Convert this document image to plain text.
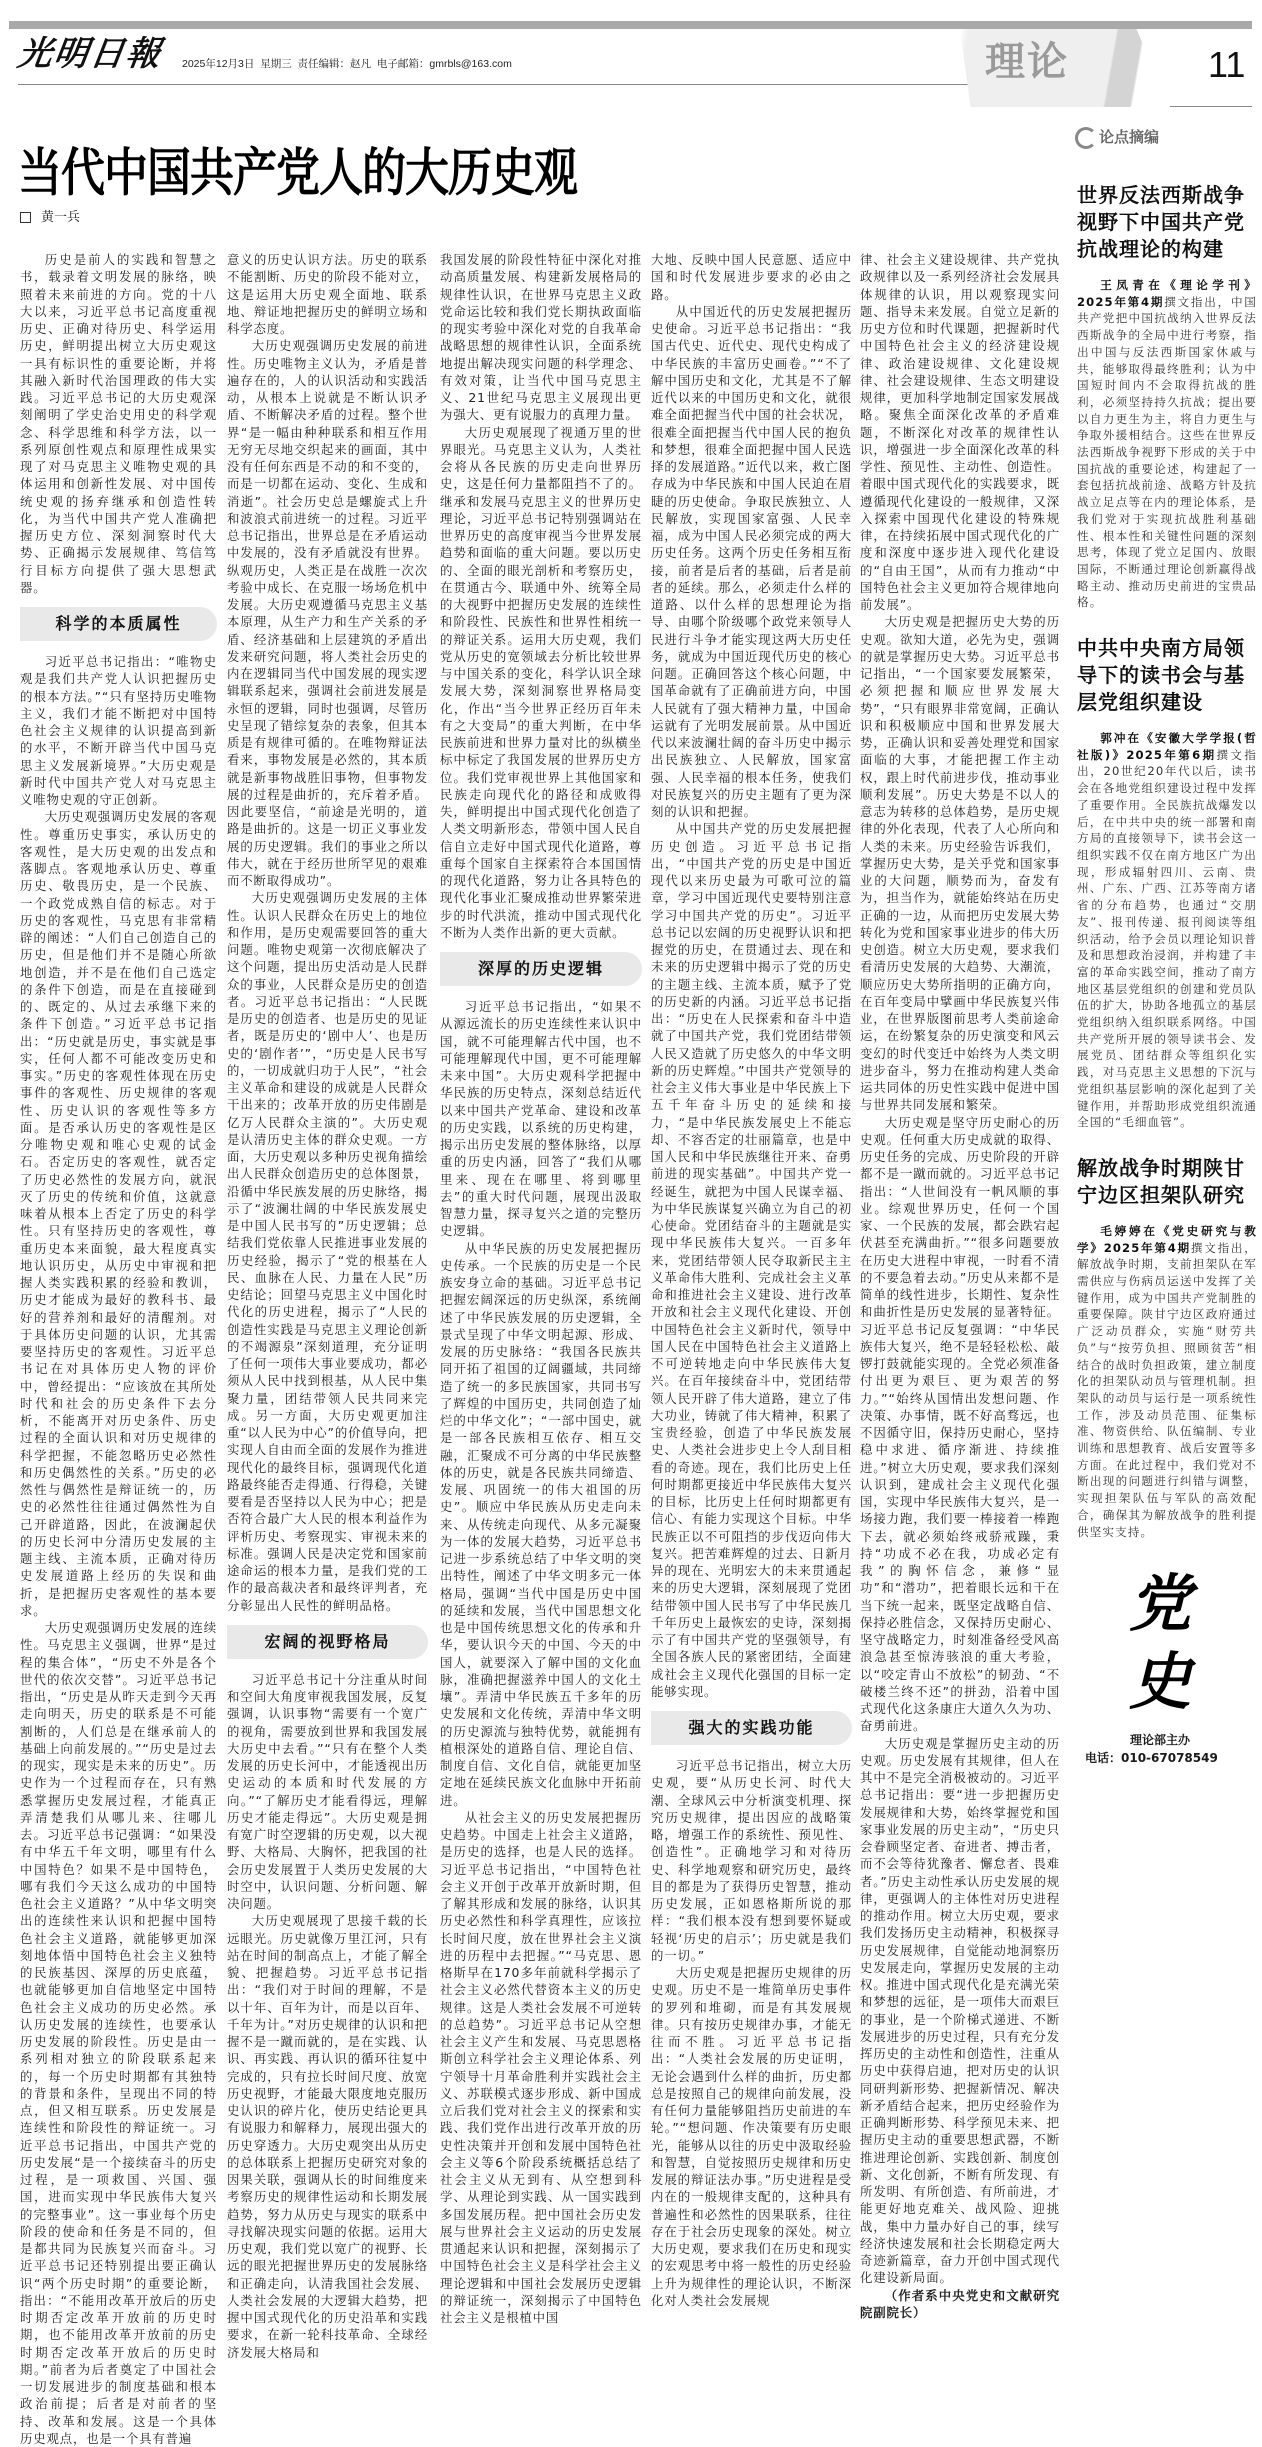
光明日報 2025年12月3日  星期三  责任编辑：赵凡  电子邮箱：gmrbls@163.com	理论	11
当代中国共产党人的大历史观
黄一兵

历史是前人的实践和智慧之书，载录着文明发展的脉络，映照着未来前进的方向。党的十八大以来，习近平总书记高度重视历史、正确对待历史、科学运用历史，鲜明提出树立大历史观这一具有标识性的重要论断，并将其融入新时代治国理政的伟大实践。习近平总书记的大历史观深刻阐明了学史治史用史的科学观念、科学思维和科学方法，以一系列原创性观点和原理性成果实现了对马克思主义唯物史观的具体运用和创新性发展、对中国传统史观的扬弃继承和创造性转化，为当代中国共产党人准确把握历史方位、深刻洞察时代大势、正确揭示发展规律、笃信笃行目标方向提供了强大思想武器。

科学的本质属性

习近平总书记指出：“唯物史观是我们共产党人认识把握历史的根本方法。”“只有坚持历史唯物主义，我们才能不断把对中国特色社会主义规律的认识提高到新的水平，不断开辟当代中国马克思主义发展新境界。”大历史观是新时代中国共产党人对马克思主义唯物史观的守正创新。

大历史观强调历史发展的客观性。尊重历史事实，承认历史的客观性，是大历史观的出发点和落脚点。客观地承认历史、尊重历史、敬畏历史，是一个民族、一个政党成熟自信的标志。对于历史的客观性，马克思有非常精辟的阐述：“人们自己创造自己的历史，但是他们并不是随心所欲地创造，并不是在他们自己选定的条件下创造，而是在直接碰到的、既定的、从过去承继下来的条件下创造。”习近平总书记指出：“历史就是历史，事实就是事实，任何人都不可能改变历史和事实。”历史的客观性体现在历史事件的客观性、历史规律的客观性、历史认识的客观性等多方面。是否承认历史的客观性是区分唯物史观和唯心史观的试金石。否定历史的客观性，就否定了历史必然性的发展方向，就泯灭了历史的传统和价值，这就意味着从根本上否定了历史的科学性。只有坚持历史的客观性，尊重历史本来面貌，最大程度真实地认识历史，从历史中审视和把握人类实践积累的经验和教训，历史才能成为最好的教科书、最好的营养剂和最好的清醒剂。对于具体历史问题的认识，尤其需要坚持历史的客观性。习近平总书记在对具体历史人物的评价中，曾经提出：“应该放在其所处时代和社会的历史条件下去分析，不能离开对历史条件、历史过程的全面认识和对历史规律的科学把握，不能忽略历史必然性和历史偶然性的关系。”历史的必然性与偶然性是辩证统一的，历史的必然性往往通过偶然性为自己开辟道路，因此，在波澜起伏的历史长河中分清历史发展的主题主线、主流本质，正确对待历史发展道路上经历的失误和曲折，是把握历史客观性的基本要求。

大历史观强调历史发展的连续性。马克思主义强调，世界“是过程的集合体”，“历史不外是各个世代的依次交替”。习近平总书记指出，“历史是从昨天走到今天再走向明天，历史的联系是不可能割断的，人们总是在继承前人的基础上向前发展的。”“历史是过去的现实，现实是未来的历史”。历史作为一个过程而存在，只有熟悉掌握历史发展过程，才能真正弄清楚我们从哪儿来、往哪儿去。习近平总书记强调：“如果没有中华五千年文明，哪里有什么中国特色？如果不是中国特色，哪有我们今天这么成功的中国特色社会主义道路？”从中华文明突出的连续性来认识和把握中国特色社会主义道路，就能够更加深刻地体悟中国特色社会主义独特的民族基因、深厚的历史底蕴，也就能够更加自信地坚定中国特色社会主义成功的历史必然。承认历史发展的连续性，也要承认历史发展的阶段性。历史是由一系列相对独立的阶段联系起来的，每一个历史时期都有其独特的背景和条件，呈现出不同的特点，但又相互联系。历史发展是连续性和阶段性的辩证统一。习近平总书记指出，中国共产党的历史发展“是一个接续奋斗的历史过程，是一项救国、兴国、强国，进而实现中华民族伟大复兴的完整事业”。这一事业每个历史阶段的使命和任务是不同的，但是都共同为民族复兴而奋斗。习近平总书记还特别提出要正确认识“两个历史时期”的重要论断，指出：“不能用改革开放后的历史时期否定改革开放前的历史时期，也不能用改革开放前的历史时期否定改革开放后的历史时期。”前者为后者奠定了中国社会一切发展进步的制度基础和根本政治前提；后者是对前者的坚持、改革和发展。这是一个具体历史观点，也是一个具有普遍

意义的历史认识方法。历史的联系不能割断、历史的阶段不能对立，这是运用大历史观全面地、联系地、辩证地把握历史的鲜明立场和科学态度。

大历史观强调历史发展的前进性。历史唯物主义认为，矛盾是普遍存在的，人的认识活动和实践活动，从根本上说就是不断认识矛盾、不断解决矛盾的过程。整个世界“是一幅由种种联系和相互作用无穷无尽地交织起来的画面，其中没有任何东西是不动的和不变的，而是一切都在运动、变化、生成和消逝”。社会历史总是螺旋式上升和波浪式前进统一的过程。习近平总书记指出，世界总是在矛盾运动中发展的，没有矛盾就没有世界。纵观历史，人类正是在战胜一次次考验中成长、在克服一场场危机中发展。大历史观遵循马克思主义基本原理，从生产力和生产关系的矛盾、经济基础和上层建筑的矛盾出发来研究问题，将人类社会历史的内在逻辑同当代中国发展的现实逻辑联系起来，强调社会前进发展是永恒的逻辑，同时也强调，尽管历史呈现了错综复杂的表象，但其本质是有规律可循的。在唯物辩证法看来，事物发展是必然的，其本质就是新事物战胜旧事物，但事物发展的过程是曲折的，充斥着矛盾。因此要坚信，“前途是光明的，道路是曲折的。这是一切正义事业发展的历史逻辑。我们的事业之所以伟大，就在于经历世所罕见的艰难而不断取得成功”。

大历史观强调历史发展的主体性。认识人民群众在历史上的地位和作用，是历史观需要回答的重大问题。唯物史观第一次彻底解决了这个问题，提出历史活动是人民群众的事业，人民群众是历史的创造者。习近平总书记指出：“人民既是历史的创造者、也是历史的见证者，既是历史的‘剧中人’、也是历史的‘剧作者’”，“历史是人民书写的，一切成就归功于人民”，“社会主义革命和建设的成就是人民群众干出来的；改革开放的历史伟剧是亿万人民群众主演的”。大历史观是认清历史主体的群众史观。一方面，大历史观以多种历史视角描绘出人民群众创造历史的总体图景，沿循中华民族发展的历史脉络，揭示了“波澜壮阔的中华民族发展史是中国人民书写的”历史逻辑；总结我们党依靠人民推进事业发展的历史经验，揭示了“党的根基在人民、血脉在人民、力量在人民”历史结论；回望马克思主义中国化时代化的历史进程，揭示了“人民的创造性实践是马克思主义理论创新的不竭源泉”深刻道理，充分证明了任何一项伟大事业要成功，都必须从人民中找到根基，从人民中集聚力量，团结带领人民共同来完成。另一方面，大历史观更加注重“以人民为中心”的价值导向，把实现人自由而全面的发展作为推进现代化的最终目标，强调现代化道路最终能否走得通、行得稳，关键要看是否坚持以人民为中心；把是否符合最广大人民的根本利益作为评析历史、考察现实、审视未来的标准。强调人民是决定党和国家前途命运的根本力量，是我们党的工作的最高裁决者和最终评判者，充分彰显出人民性的鲜明品格。

宏阔的视野格局

习近平总书记十分注重从时间和空间大角度审视我国发展，反复强调，认识事物“需要有一个宽广的视角，需要放到世界和我国发展大历史中去看。”“只有在整个人类发展的历史长河中，才能透视出历史运动的本质和时代发展的方向。”“了解历史才能看得远，理解历史才能走得远”。大历史观是拥有宽广时空逻辑的历史观，以大视野、大格局、大胸怀，把我国的社会历史发展置于人类历史发展的大时空中，认识问题、分析问题、解决问题。

大历史观展现了思接千载的长远眼光。历史就像万里江河，只有站在时间的制高点上，才能了解全貌、把握趋势。习近平总书记指出：“我们对于时间的理解，不是以十年、百年为计，而是以百年、千年为计。”对历史规律的认识和把握不是一蹴而就的，是在实践、认识、再实践、再认识的循环往复中完成的，只有拉长时间尺度、放宽历史视野，才能最大限度地克服历史认识的碎片化，使历史结论更具有说服力和解释力，展现出强大的历史穿透力。大历史观突出从历史的总体联系上把握历史研究对象的因果关联，强调从长的时间维度来考察历史的规律性运动和长期发展趋势，努力从历史与现实的联系中寻找解决现实问题的依据。运用大历史观，我们党以宽广的视野、长远的眼光把握世界历史的发展脉络和正确走向，认清我国社会发展、人类社会发展的大逻辑大趋势，把握中国式现代化的历史沿革和实践要求，在新一轮科技革命、全球经济发展大格局和

我国发展的阶段性特征中深化对推动高质量发展、构建新发展格局的规律性认识，在世界马克思主义政党命运比较和我们党长期执政面临的现实考验中深化对党的自我革命战略思想的规律性认识，全面系统地提出解决现实问题的科学理念、有效对策，让当代中国马克思主义、21世纪马克思主义展现出更为强大、更有说服力的真理力量。

大历史观展现了视通万里的世界眼光。马克思主义认为，人类社会将从各民族的历史走向世界历史，这是任何力量都阻挡不了的。继承和发展马克思主义的世界历史理论，习近平总书记特别强调站在世界历史的高度审视当今世界发展趋势和面临的重大问题。要以历史的、全面的眼光剖析和考察历史，在贯通古今、联通中外、统筹全局的大视野中把握历史发展的连续性和阶段性、民族性和世界性相统一的辩证关系。运用大历史观，我们党从历史的宽领域去分析比较世界与中国关系的变化，科学认识全球发展大势，深刻洞察世界格局变化，作出“当今世界正经历百年未有之大变局”的重大判断，在中华民族前进和世界力量对比的纵横坐标中标定了我国发展的世界历史方位。我们党审视世界上其他国家和民族走向现代化的路径和成败得失，鲜明提出中国式现代化创造了人类文明新形态，带领中国人民自信自立走好中国式现代化道路，尊重每个国家自主探索符合本国国情的现代化道路，努力让各具特色的现代化事业汇聚成推动世界繁荣进步的时代洪流，推动中国式现代化不断为人类作出新的更大贡献。

深厚的历史逻辑

习近平总书记指出，“如果不从源远流长的历史连续性来认识中国，就不可能理解古代中国，也不可能理解现代中国，更不可能理解未来中国”。大历史观科学把握中华民族的历史特点，深刻总结近代以来中国共产党革命、建设和改革的历史实践，以系统的历史构建，揭示出历史发展的整体脉络，以厚重的历史内涵，回答了“我们从哪里来、现在在哪里、将到哪里去”的重大时代问题，展现出汲取智慧力量，探寻复兴之道的完整历史逻辑。

从中华民族的历史发展把握历史传承。一个民族的历史是一个民族安身立命的基础。习近平总书记把握宏阔深远的历史纵深，系统阐述了中华民族发展的历史逻辑，全景式呈现了中华文明起源、形成、发展的历史脉络：“我国各民族共同开拓了祖国的辽阔疆域，共同缔造了统一的多民族国家，共同书写了辉煌的中国历史，共同创造了灿烂的中华文化”；“一部中国史，就是一部各民族相互依存、相互交融，汇聚成不可分离的中华民族整体的历史，就是各民族共同缔造、发展、巩固统一的伟大祖国的历史”。顺应中华民族从历史走向未来、从传统走向现代、从多元凝聚为一体的发展大趋势，习近平总书记进一步系统总结了中华文明的突出特性，阐述了中华文明多元一体格局，强调“当代中国是历史中国的延续和发展，当代中国思想文化也是中国传统思想文化的传承和升华，要认识今天的中国、今天的中国人，就要深入了解中国的文化血脉，准确把握滋养中国人的文化土壤”。弄清中华民族五千多年的历史发展和文化传统，弄清中华文明的历史源流与独特优势，就能拥有植根深处的道路自信、理论自信、制度自信、文化自信，就能更加坚定地在延续民族文化血脉中开拓前进。

从社会主义的历史发展把握历史趋势。中国走上社会主义道路，是历史的选择，也是人民的选择。习近平总书记指出，“中国特色社会主义开创于改革开放新时期，但了解其形成和发展的脉络，认识其历史必然性和科学真理性，应该拉长时间尺度，放在世界社会主义演进的历程中去把握。”“马克思、恩格斯早在170多年前就科学揭示了社会主义必然代替资本主义的历史规律。这是人类社会发展不可逆转的总趋势”。习近平总书记从空想社会主义产生和发展、马克思恩格斯创立科学社会主义理论体系、列宁领导十月革命胜利并实践社会主义、苏联模式逐步形成、新中国成立后我们党对社会主义的探索和实践、我们党作出进行改革开放的历史性决策并开创和发展中国特色社会主义等6个阶段系统概括总结了社会主义从无到有、从空想到科学、从理论到实践、从一国实践到多国发展历程。把中国社会历史发展与世界社会主义运动的历史发展贯通起来认识和把握，深刻揭示了中国特色社会主义是科学社会主义理论逻辑和中国社会发展历史逻辑的辩证统一，深刻揭示了中国特色社会主义是根植中国

大地、反映中国人民意愿、适应中国和时代发展进步要求的必由之路。

从中国近代的历史发展把握历史使命。习近平总书记指出：“我国古代史、近代史、现代史构成了中华民族的丰富历史画卷。”“不了解中国历史和文化，尤其是不了解近代以来的中国历史和文化，就很难全面把握当代中国的社会状况，很难全面把握当代中国人民的抱负和梦想，很难全面把握中国人民选择的发展道路。”近代以来，救亡图存成为中华民族和中国人民迫在眉睫的历史使命。争取民族独立、人民解放，实现国家富强、人民幸福，成为中国人民必须完成的两大历史任务。这两个历史任务相互衔接，前者是后者的基础，后者是前者的延续。那么，必须走什么样的道路、以什么样的思想理论为指导、由哪个阶级哪个政党来领导人民进行斗争才能实现这两大历史任务，就成为中国近现代历史的核心问题。正确回答这个核心问题，中国革命就有了正确前进方向，中国人民就有了强大精神力量，中国命运就有了光明发展前景。从中国近代以来波澜壮阔的奋斗历史中揭示出民族独立、人民解放，国家富强、人民幸福的根本任务，使我们对民族复兴的历史主题有了更为深刻的认识和把握。

从中国共产党的历史发展把握历史创造。习近平总书记指出，“中国共产党的历史是中国近现代以来历史最为可歌可泣的篇章，学习中国近现代史要特别注意学习中国共产党的历史”。习近平总书记以宏阔的历史视野认识和把握党的历史，在贯通过去、现在和未来的历史逻辑中揭示了党的历史的主题主线、主流本质，赋予了党的历史新的内涵。习近平总书记指出：“历史在人民探索和奋斗中造就了中国共产党，我们党团结带领人民又造就了历史悠久的中华文明新的历史辉煌。”中国共产党领导的社会主义伟大事业是中华民族上下五千年奋斗历史的延续和接力，“是中华民族发展史上不能忘却、不容否定的壮丽篇章，也是中国人民和中华民族继往开来、奋勇前进的现实基础”。中国共产党一经诞生，就把为中国人民谋幸福、为中华民族谋复兴确立为自己的初心使命。党团结奋斗的主题就是实现中华民族伟大复兴。一百多年来，党团结带领人民夺取新民主主义革命伟大胜利、完成社会主义革命和推进社会主义建设、进行改革开放和社会主义现代化建设、开创中国特色社会主义新时代，领导中国人民在中国特色社会主义道路上不可逆转地走向中华民族伟大复兴。在百年接续奋斗中，党团结带领人民开辟了伟大道路，建立了伟大功业，铸就了伟大精神，积累了宝贵经验，创造了中华民族发展史、人类社会进步史上令人刮目相看的奇迹。现在，我们比历史上任何时期都更接近中华民族伟大复兴的目标，比历史上任何时期都更有信心、有能力实现这个目标。中华民族正以不可阻挡的步伐迈向伟大复兴。把苦难辉煌的过去、日新月异的现在、光明宏大的未来贯通起来的历史大逻辑，深刻展现了党团结带领中国人民书写了中华民族几千年历史上最恢宏的史诗，深刻揭示了有中国共产党的坚强领导，有全国各族人民的紧密团结，全面建成社会主义现代化强国的目标一定能够实现。

强大的实践功能

习近平总书记指出，树立大历史观，要“从历史长河、时代大潮、全球风云中分析演变机理、探究历史规律，提出因应的战略策略，增强工作的系统性、预见性、创造性”。正确地学习和对待历史、科学地观察和研究历史，最终目的都是为了获得历史智慧，推动历史发展，正如恩格斯所说的那样：“我们根本没有想到要怀疑或轻视‘历史的启示’；历史就是我们的一切。”

大历史观是把握历史规律的历史观。历史不是一堆简单历史事件的罗列和堆砌，而是有其发展规律。只有按历史规律办事，才能无往而不胜。习近平总书记指出：“人类社会发展的历史证明，无论会遇到什么样的曲折，历史都总是按照自己的规律向前发展，没有任何力量能够阻挡历史前进的车轮。”“想问题、作决策要有历史眼光，能够从以往的历史中汲取经验和智慧，自觉按照历史规律和历史发展的辩证法办事。”历史进程是受内在的一般规律支配的，这种具有普遍性和必然性的因果联系，往往存在于社会历史现象的深处。树立大历史观，要求我们在历史和现实的宏观思考中将一般性的历史经验上升为规律性的理论认识，不断深化对人类社会发展规

律、社会主义建设规律、共产党执政规律以及一系列经济社会发展具体规律的认识，用以观察现实问题、指导未来发展。自觉立足新的历史方位和时代课题，把握新时代中国特色社会主义的经济建设规律、政治建设规律、文化建设规律、社会建设规律、生态文明建设规律，更加科学地制定国家发展战略。聚焦全面深化改革的矛盾难题，不断深化对改革的规律性认识，增强进一步全面深化改革的科学性、预见性、主动性、创造性。着眼中国式现代化的实践要求，既遵循现代化建设的一般规律，又深入探索中国现代化建设的特殊规律，在持续拓展中国式现代化的广度和深度中逐步进入现代化建设的“自由王国”，从而有力推动“中国特色社会主义更加符合规律地向前发展”。

大历史观是把握历史大势的历史观。欲知大道，必先为史，强调的就是掌握历史大势。习近平总书记指出，“一个国家要发展繁荣，必须把握和顺应世界发展大势”，“只有眼界非常宽阔，正确认识和积极顺应中国和世界发展大势，正确认识和妥善处理党和国家面临的大事，才能把握工作主动权，跟上时代前进步伐，推动事业顺利发展”。历史大势是不以人的意志为转移的总体趋势，是历史规律的外化表现，代表了人心所向和人类的未来。历史经验告诉我们，掌握历史大势，是关乎党和国家事业的大问题，顺势而为，奋发有为，担当作为，就能始终站在历史正确的一边，从而把历史发展大势转化为党和国家事业进步的伟大历史创造。树立大历史观，要求我们看清历史发展的大趋势、大潮流，顺应历史大势所指明的正确方向，在百年变局中擘画中华民族复兴伟业，在世界版图前思考人类前途命运，在纷繁复杂的历史演变和风云变幻的时代变迁中始终为人类文明进步奋斗，努力在推动构建人类命运共同体的历史性实践中促进中国与世界共同发展和繁荣。

大历史观是坚守历史耐心的历史观。任何重大历史成就的取得、历史任务的完成、历史阶段的开辟都不是一蹴而就的。习近平总书记指出：“人世间没有一帆风顺的事业。综观世界历史，任何一个国家、一个民族的发展，都会跌宕起伏甚至充满曲折。”“很多问题要放在历史大进程中审视，一时看不清的不要急着去动。”历史从来都不是简单的线性进步，长期性、复杂性和曲折性是历史发展的显著特征。习近平总书记反复强调：“中华民族伟大复兴，绝不是轻轻松松、敲锣打鼓就能实现的。全党必须准备付出更为艰巨、更为艰苦的努力。”“始终从国情出发想问题、作决策、办事情，既不好高骛远，也不因循守旧，保持历史耐心，坚持稳中求进、循序渐进、持续推进。”树立大历史观，要求我们深刻认识到，建成社会主义现代化强国，实现中华民族伟大复兴，是一场接力跑，我们要一棒接着一棒跑下去，就必须始终戒骄戒躁，秉持“功成不必在我，功成必定有我”的胸怀信念，兼修“显功”和“潜功”，把着眼长远和干在当下统一起来，既坚定战略自信、保持必胜信念，又保持历史耐心、坚守战略定力，时刻准备经受风高浪急甚至惊涛骇浪的重大考验，以“咬定青山不放松”的韧劲、“不破楼兰终不还”的拼劲，沿着中国式现代化这条康庄大道久久为功、奋勇前进。

大历史观是掌握历史主动的历史观。历史发展有其规律，但人在其中不是完全消极被动的。习近平总书记指出：要“进一步把握历史发展规律和大势，始终掌握党和国家事业发展的历史主动”，“历史只会眷顾坚定者、奋进者、搏击者，而不会等待犹豫者、懈怠者、畏难者。”历史主动性承认历史发展的规律，更强调人的主体性对历史进程的推动作用。树立大历史观，要求我们发扬历史主动精神，积极探寻历史发展规律，自觉能动地洞察历史发展走向，掌握历史发展的主动权。推进中国式现代化是充满光荣和梦想的远征，是一项伟大而艰巨的事业，是一个阶梯式递进、不断发展进步的历史过程，只有充分发挥历史的主动性和创造性，注重从历史中获得启迪，把对历史的认识同研判新形势、把握新情况、解决新矛盾结合起来，把历史经验作为正确判断形势、科学预见未来、把握历史主动的重要思想武器，不断推进理论创新、实践创新、制度创新、文化创新，不断有所发现、有所发明、有所创造、有所前进，才能更好地克难关、战风险、迎挑战，集中力量办好自己的事，续写经济快速发展和社会长期稳定两大奇迹新篇章，奋力开创中国式现代化建设新局面。

（作者系中央党史和文献研究院副院长）

论点摘编
世界反法西斯战争视野下中国共产党抗战理论的构建
王凤青在《理论学刊》2025年第4期撰文指出，中国共产党把中国抗战纳入世界反法西斯战争的全局中进行考察，指出中国与反法西斯国家休戚与共，能够取得最终胜利；认为中国短时间内不会取得抗战的胜利，必须坚持持久抗战；提出要以自力更生为主，将自力更生与争取外援相结合。这些在世界反法西斯战争视野下形成的关于中国抗战的重要论述，构建起了一套包括抗战前途、战略方针及抗战立足点等在内的理论体系，是我们党对于实现抗战胜利基础性、根本性和关键性问题的深刻思考，体现了党立足国内、放眼国际，不断通过理论创新赢得战略主动、推动历史前进的宝贵品格。
中共中央南方局领导下的读书会与基层党组织建设
郭冲在《安徽大学学报(哲社版)》2025年第6期撰文指出，20世纪20年代以后，读书会在各地党组织建设过程中发挥了重要作用。全民族抗战爆发以后，在中共中央的统一部署和南方局的直接领导下，读书会这一组织实践不仅在南方地区广为出现，形成辐射四川、云南、贵州、广东、广西、江苏等南方诸省的分布趋势，也通过“交朋友”、报刊传递、报刊阅读等组织活动，给予会员以理论知识普及和思想政治浸润，并构建了丰富的革命实践空间，推动了南方地区基层党组织的创建和党员队伍的扩大，协助各地孤立的基层党组织纳入组织联系网络。中国共产党所开展的领导读书会、发展党员、团结群众等组织化实践，对马克思主义思想的下沉与党组织基层影响的深化起到了关键作用，并帮助形成党组织流通全国的“毛细血管”。
解放战争时期陕甘宁边区担架队研究
毛婷婷在《党史研究与教学》2025年第4期撰文指出，解放战争时期，支前担架队在军需供应与伤病员运送中发挥了关键作用，成为中国共产党制胜的重要保障。陕甘宁边区政府通过广泛动员群众，实施“财劳共负”与“按劳负担、照顾贫苦”相结合的战时负担政策，建立制度化的担架队动员与管理机制。担架队的动员与运行是一项系统性工作，涉及动员范围、征集标准、物资供给、队伍编制、专业训练和思想教育、战后安置等多方面。在此过程中，我们党对不断出现的问题进行纠错与调整，实现担架队伍与军队的高效配合，确保其为解放战争的胜利提供坚实支持。
党史
理论部主办
电话：010-67078549
